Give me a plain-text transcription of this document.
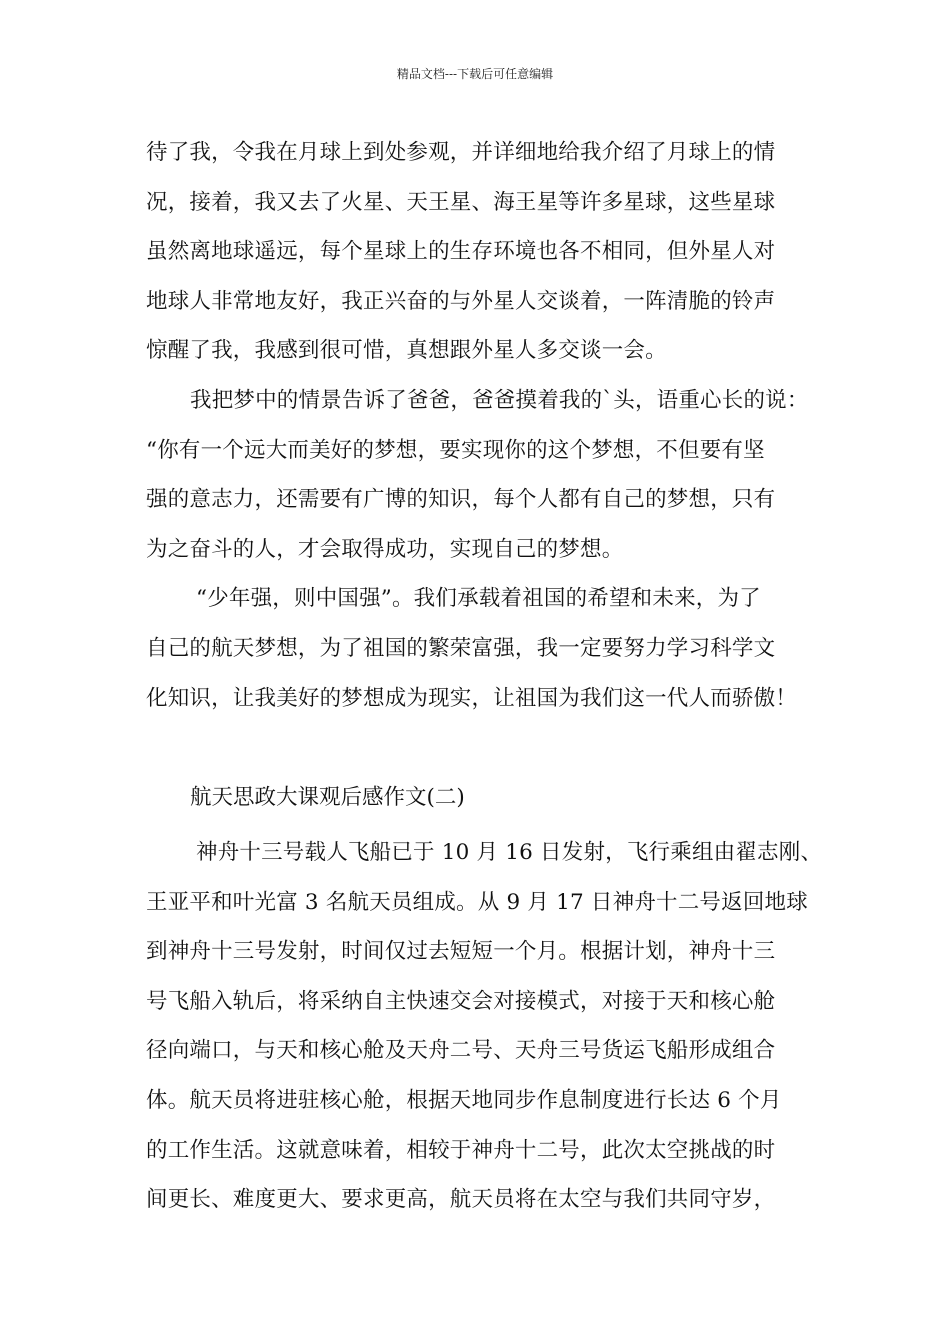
精品文档---下载后可任意编辑
待了我，令我在月球上到处参观，并详细地给我介绍了月球上的情
况，接着，我又去了火星、天王星、海王星等许多星球，这些星球
虽然离地球遥远，每个星球上的生存环境也各不相同，但外星人对
地球人非常地友好，我正兴奋的与外星人交谈着，一阵清脆的铃声
惊醒了我，我感到很可惜，真想跟外星人多交谈一会。
我把梦中的情景告诉了爸爸，爸爸摸着我的`头，语重心长的说：
“你有一个远大而美好的梦想，要实现你的这个梦想，不但要有坚
强的意志力，还需要有广博的知识，每个人都有自己的梦想，只有
为之奋斗的人，才会取得成功，实现自己的梦想。
“少年强，则中国强”。我们承载着祖国的希望和未来，为了
自己的航天梦想，为了祖国的繁荣富强，我一定要努力学习科学文
化知识，让我美好的梦想成为现实，让祖国为我们这一代人而骄傲！
航天思政大课观后感作文(二)
神舟十三号载人飞船已于 10 月 16 日发射，飞行乘组由翟志刚、
王亚平和叶光富 3 名航天员组成。从 9 月 17 日神舟十二号返回地球
到神舟十三号发射，时间仅过去短短一个月。根据计划，神舟十三
号飞船入轨后，将采纳自主快速交会对接模式，对接于天和核心舱
径向端口，与天和核心舱及天舟二号、天舟三号货运飞船形成组合
体。航天员将进驻核心舱，根据天地同步作息制度进行长达 6 个月
的工作生活。这就意味着，相较于神舟十二号，此次太空挑战的时
间更长、难度更大、要求更高，航天员将在太空与我们共同守岁，
